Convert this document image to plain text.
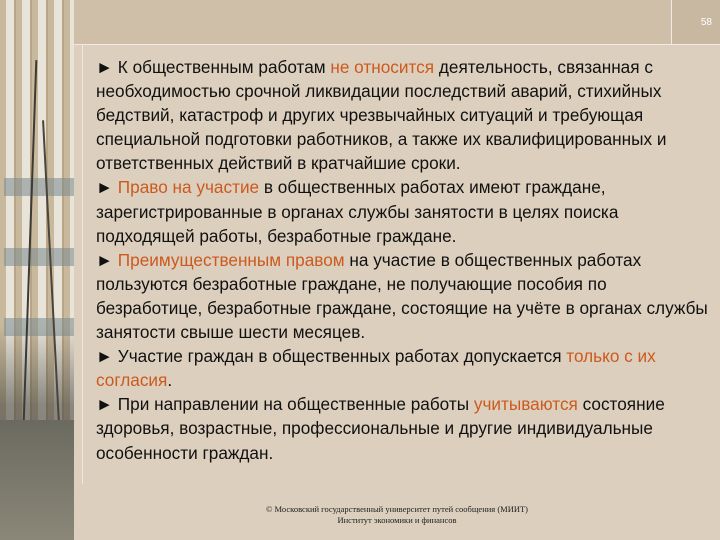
58

► К общественным работам не относится деятельность, связанная с необходимостью срочной ликвидации последствий аварий, стихийных бедствий, катастроф и других чрезвычайных ситуаций и требующая специальной подготовки работников, а также их квалифицированных и ответственных действий в кратчайшие сроки.

► Право на участие в общественных работах имеют граждане, зарегистрированные в органах службы занятости в целях поиска подходящей работы, безработные граждане.

► Преимущественным правом на участие в общественных работах пользуются безработные граждане, не получающие пособия по безработице, безработные граждане, состоящие на учёте в органах службы занятости свыше шести месяцев.

► Участие граждан в общественных работах допускается только с их согласия.

► При направлении на общественные работы учитываются состояние здоровья, возрастные, профессиональные и другие индивидуальные особенности граждан.

© Московский государственный университет путей сообщения (МИИТ)
Институт экономики и финансов
